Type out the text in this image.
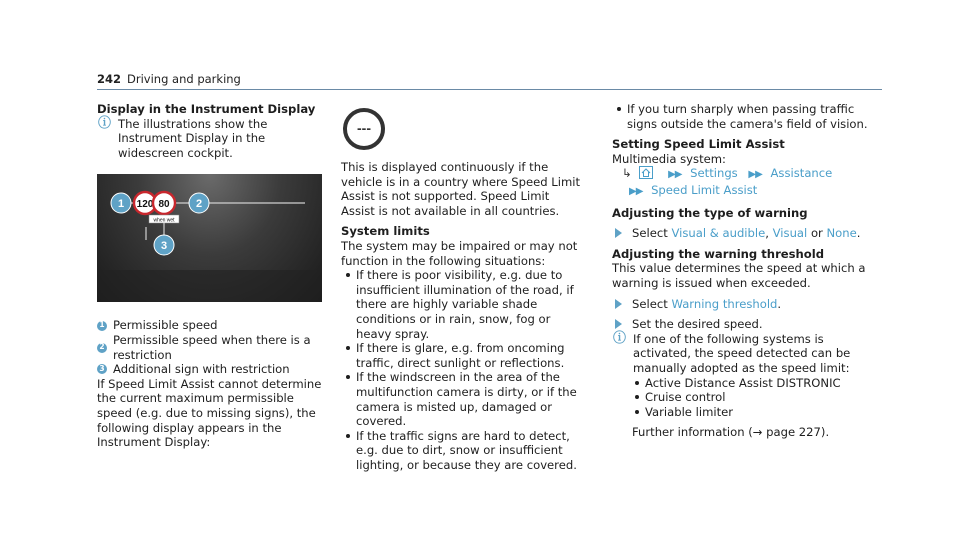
242 Driving and parking

Display in the Instrument Display

ⓘ The illustrations show the Instrument Display in the widescreen cockpit.
1 120 80
when wet
2
3
1 Permissible speed
2 Permissible speed when there is a restriction
3 Additional sign with restriction

If Speed Limit Assist cannot determine the current maximum permissible speed (e.g. due to missing signs), the following display appears in the Instrument Display:

---

This is displayed continuously if the vehicle is in a country where Speed Limit Assist is not supported. Speed Limit Assist is not available in all countries.

System limits

The system may be impaired or may not function in the following situations:

If there is poor visibility, e.g. due to insufficient illumination of the road, if there are highly variable shade conditions or in rain, snow, fog or heavy spray.
If there is glare, e.g. from oncoming traffic, direct sunlight or reflections.
If the windscreen in the area of the multifunction camera is dirty, or if the camera is misted up, damaged or covered.
If the traffic signs are hard to detect, e.g. due to dirt, snow or insufficient lighting, or because they are covered.
If you turn sharply when passing traffic signs outside the camera's field of vision.

Setting Speed Limit Assist

Multimedia system:

↳	▶▶ Settings ▶▶ Assistance

▶▶ Speed Limit Assist

Adjusting the type of warning

Select Visual & audible, Visual or None.

Adjusting the warning threshold

This value determines the speed at which a warning is issued when exceeded.

Select Warning threshold.
Set the desired speed.
ⓘ If one of the following systems is activated, the speed detected can be manually adopted as the speed limit:
Active Distance Assist DISTRONIC
Cruise control
Variable limiter

Further information (→ page 227).
